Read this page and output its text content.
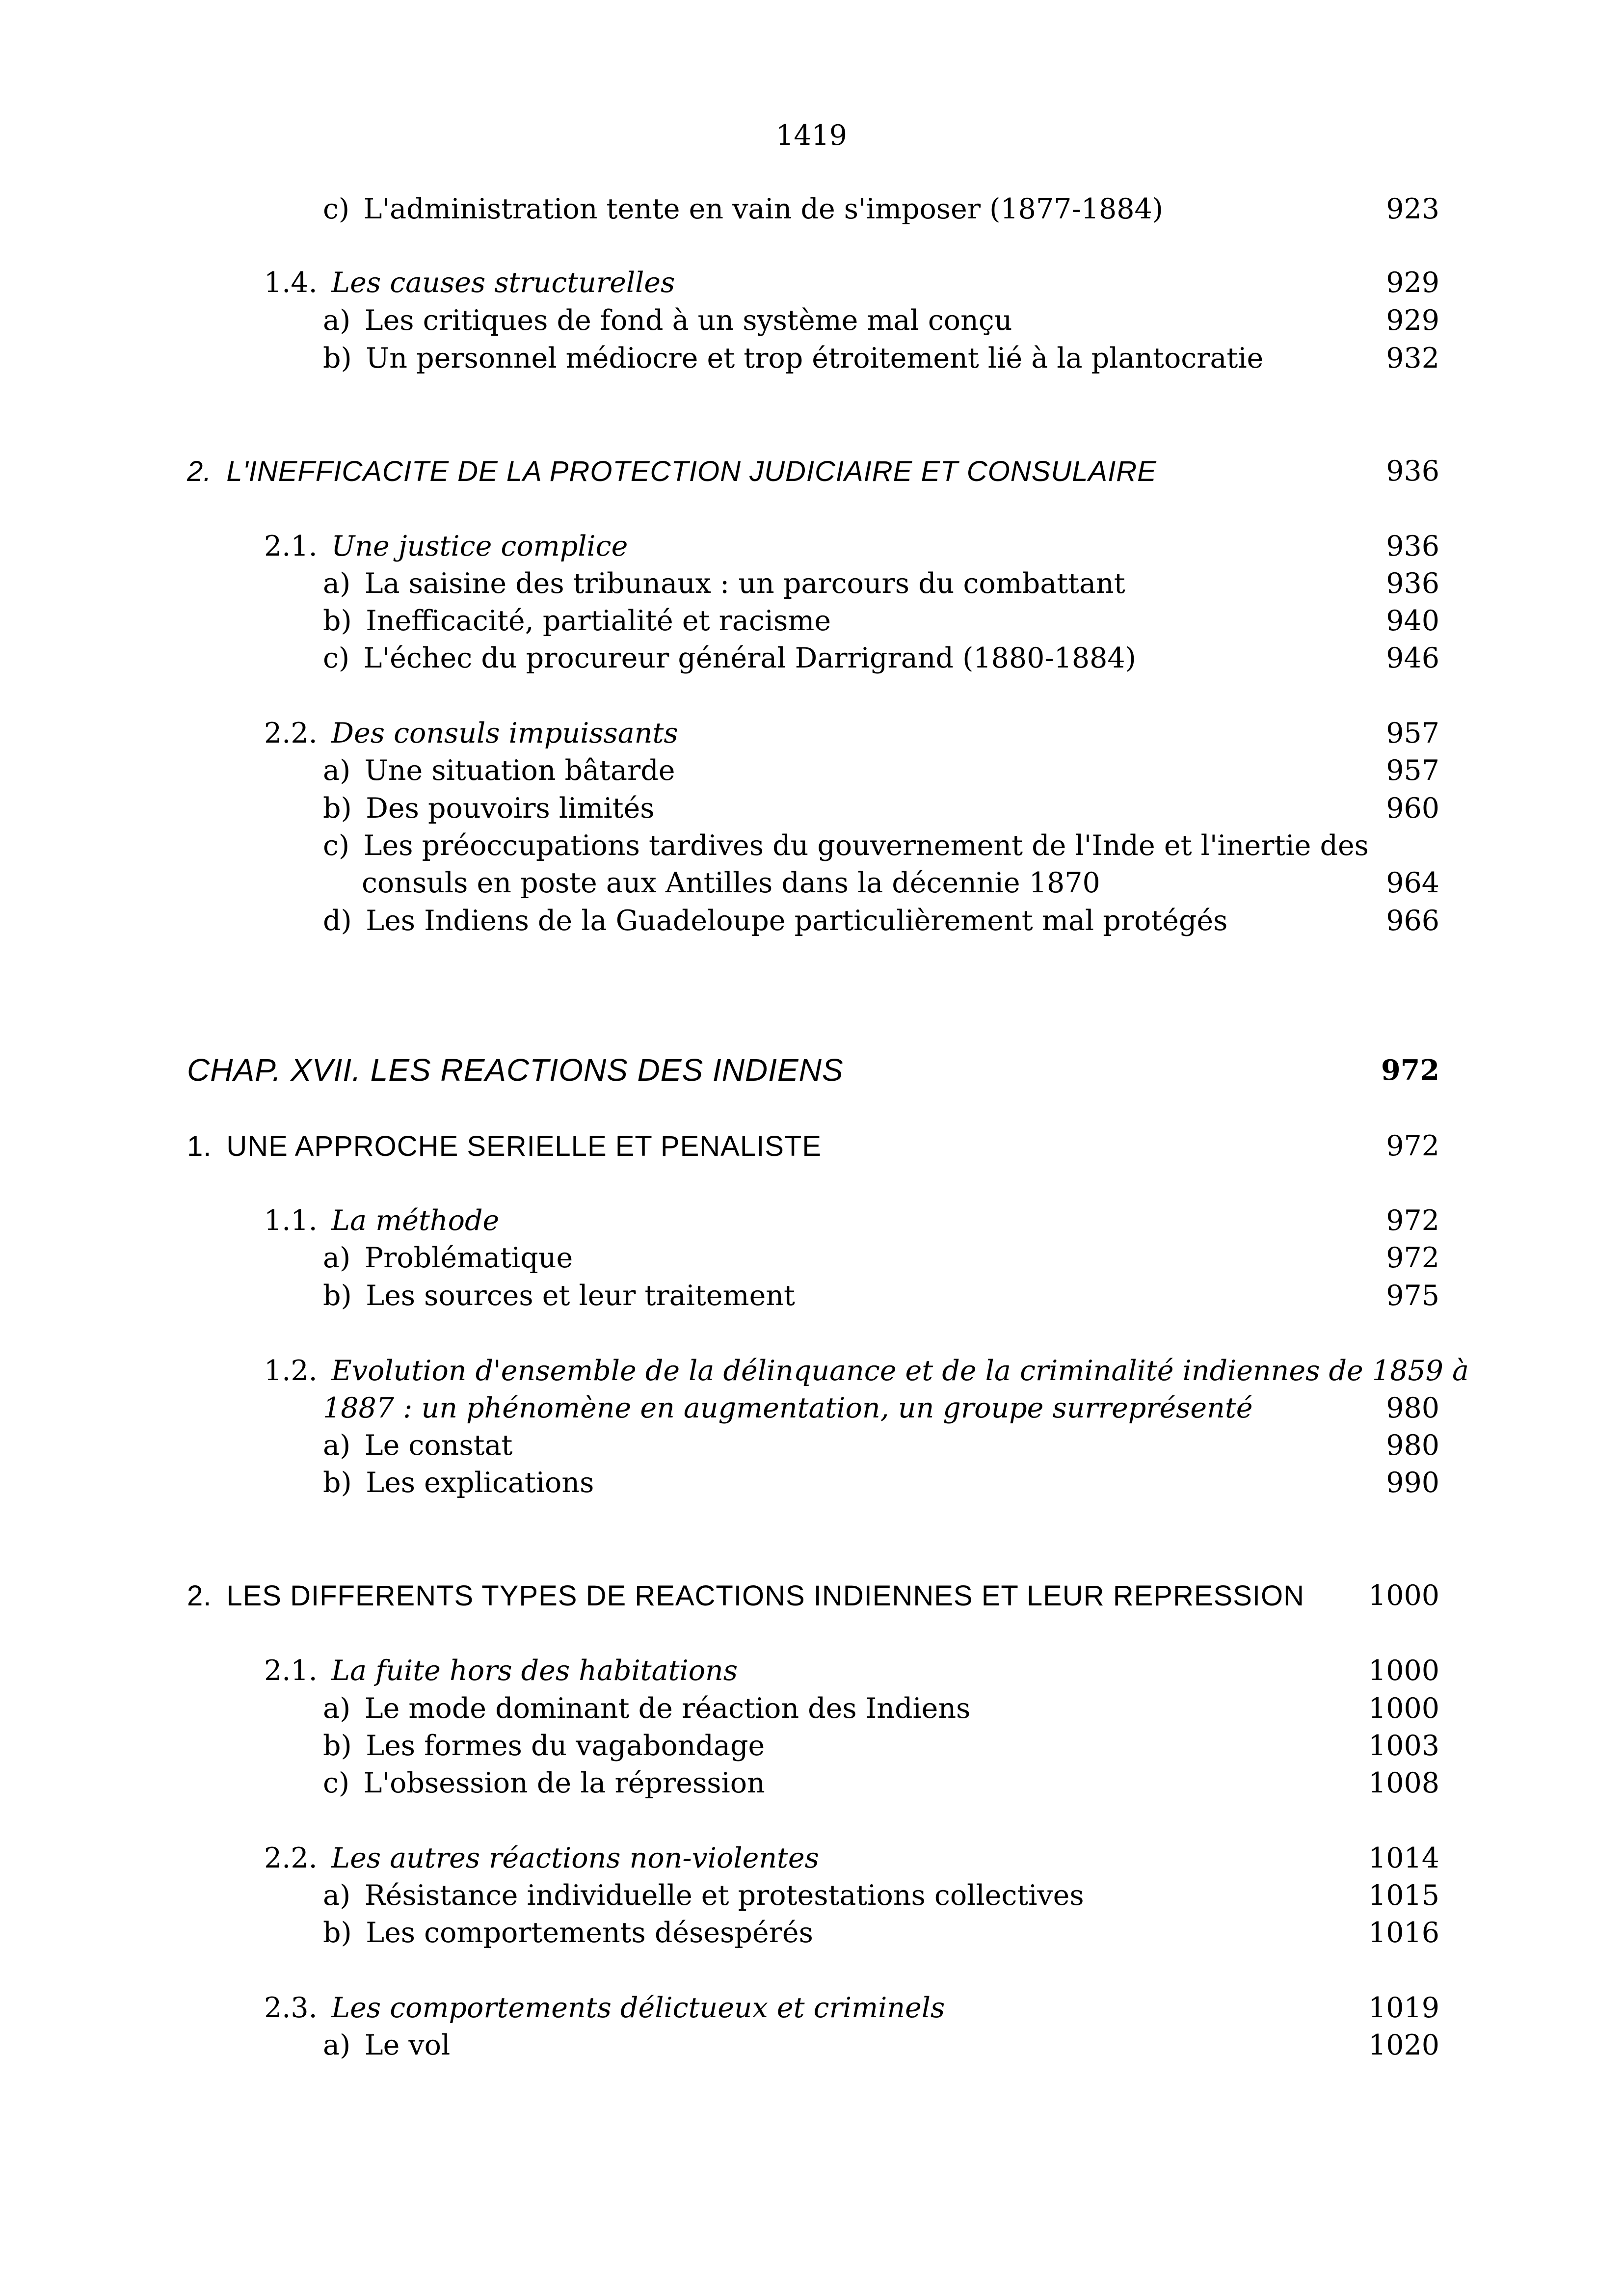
1419
c) L'administration tente en vain de s'imposer (1877-1884)	923
1.4. Les causes structurelles	929
a) Les critiques de fond à un système mal conçu	929
b) Un personnel médiocre et trop étroitement lié à la plantocratie	932
2. L'INEFFICACITE DE LA PROTECTION JUDICIAIRE ET CONSULAIRE	936
2.1. Une justice complice	936
a) La saisine des tribunaux : un parcours du combattant	936
b) Inefficacité, partialité et racisme	940
c) L'échec du procureur général Darrigrand (1880-1884)	946
2.2. Des consuls impuissants	957
a) Une situation bâtarde	957
b) Des pouvoirs limités	960
c) Les préoccupations tardives du gouvernement de l'Inde et l'inertie des
consuls en poste aux Antilles dans la décennie 1870	964
d) Les Indiens de la Guadeloupe particulièrement mal protégés	966
CHAP. XVII. LES REACTIONS DES INDIENS	972
1. UNE APPROCHE SERIELLE ET PENALISTE	972
1.1. La méthode	972
a) Problématique	972
b) Les sources et leur traitement	975
1.2. Evolution d'ensemble de la délinquance et de la criminalité indiennes de 1859 à
1887 : un phénomène en augmentation, un groupe surreprésenté	980
a) Le constat	980
b) Les explications	990
2. LES DIFFERENTS TYPES DE REACTIONS INDIENNES ET LEUR REPRESSION 1000
2.1. La fuite hors des habitations	1000
a) Le mode dominant de réaction des Indiens	1000
b) Les formes du vagabondage	1003
c) L'obsession de la répression	1008
2.2. Les autres réactions non-violentes	1014
a) Résistance individuelle et protestations collectives	1015
b) Les comportements désespérés	1016
2.3. Les comportements délictueux et criminels	1019
a) Le vol	1020
